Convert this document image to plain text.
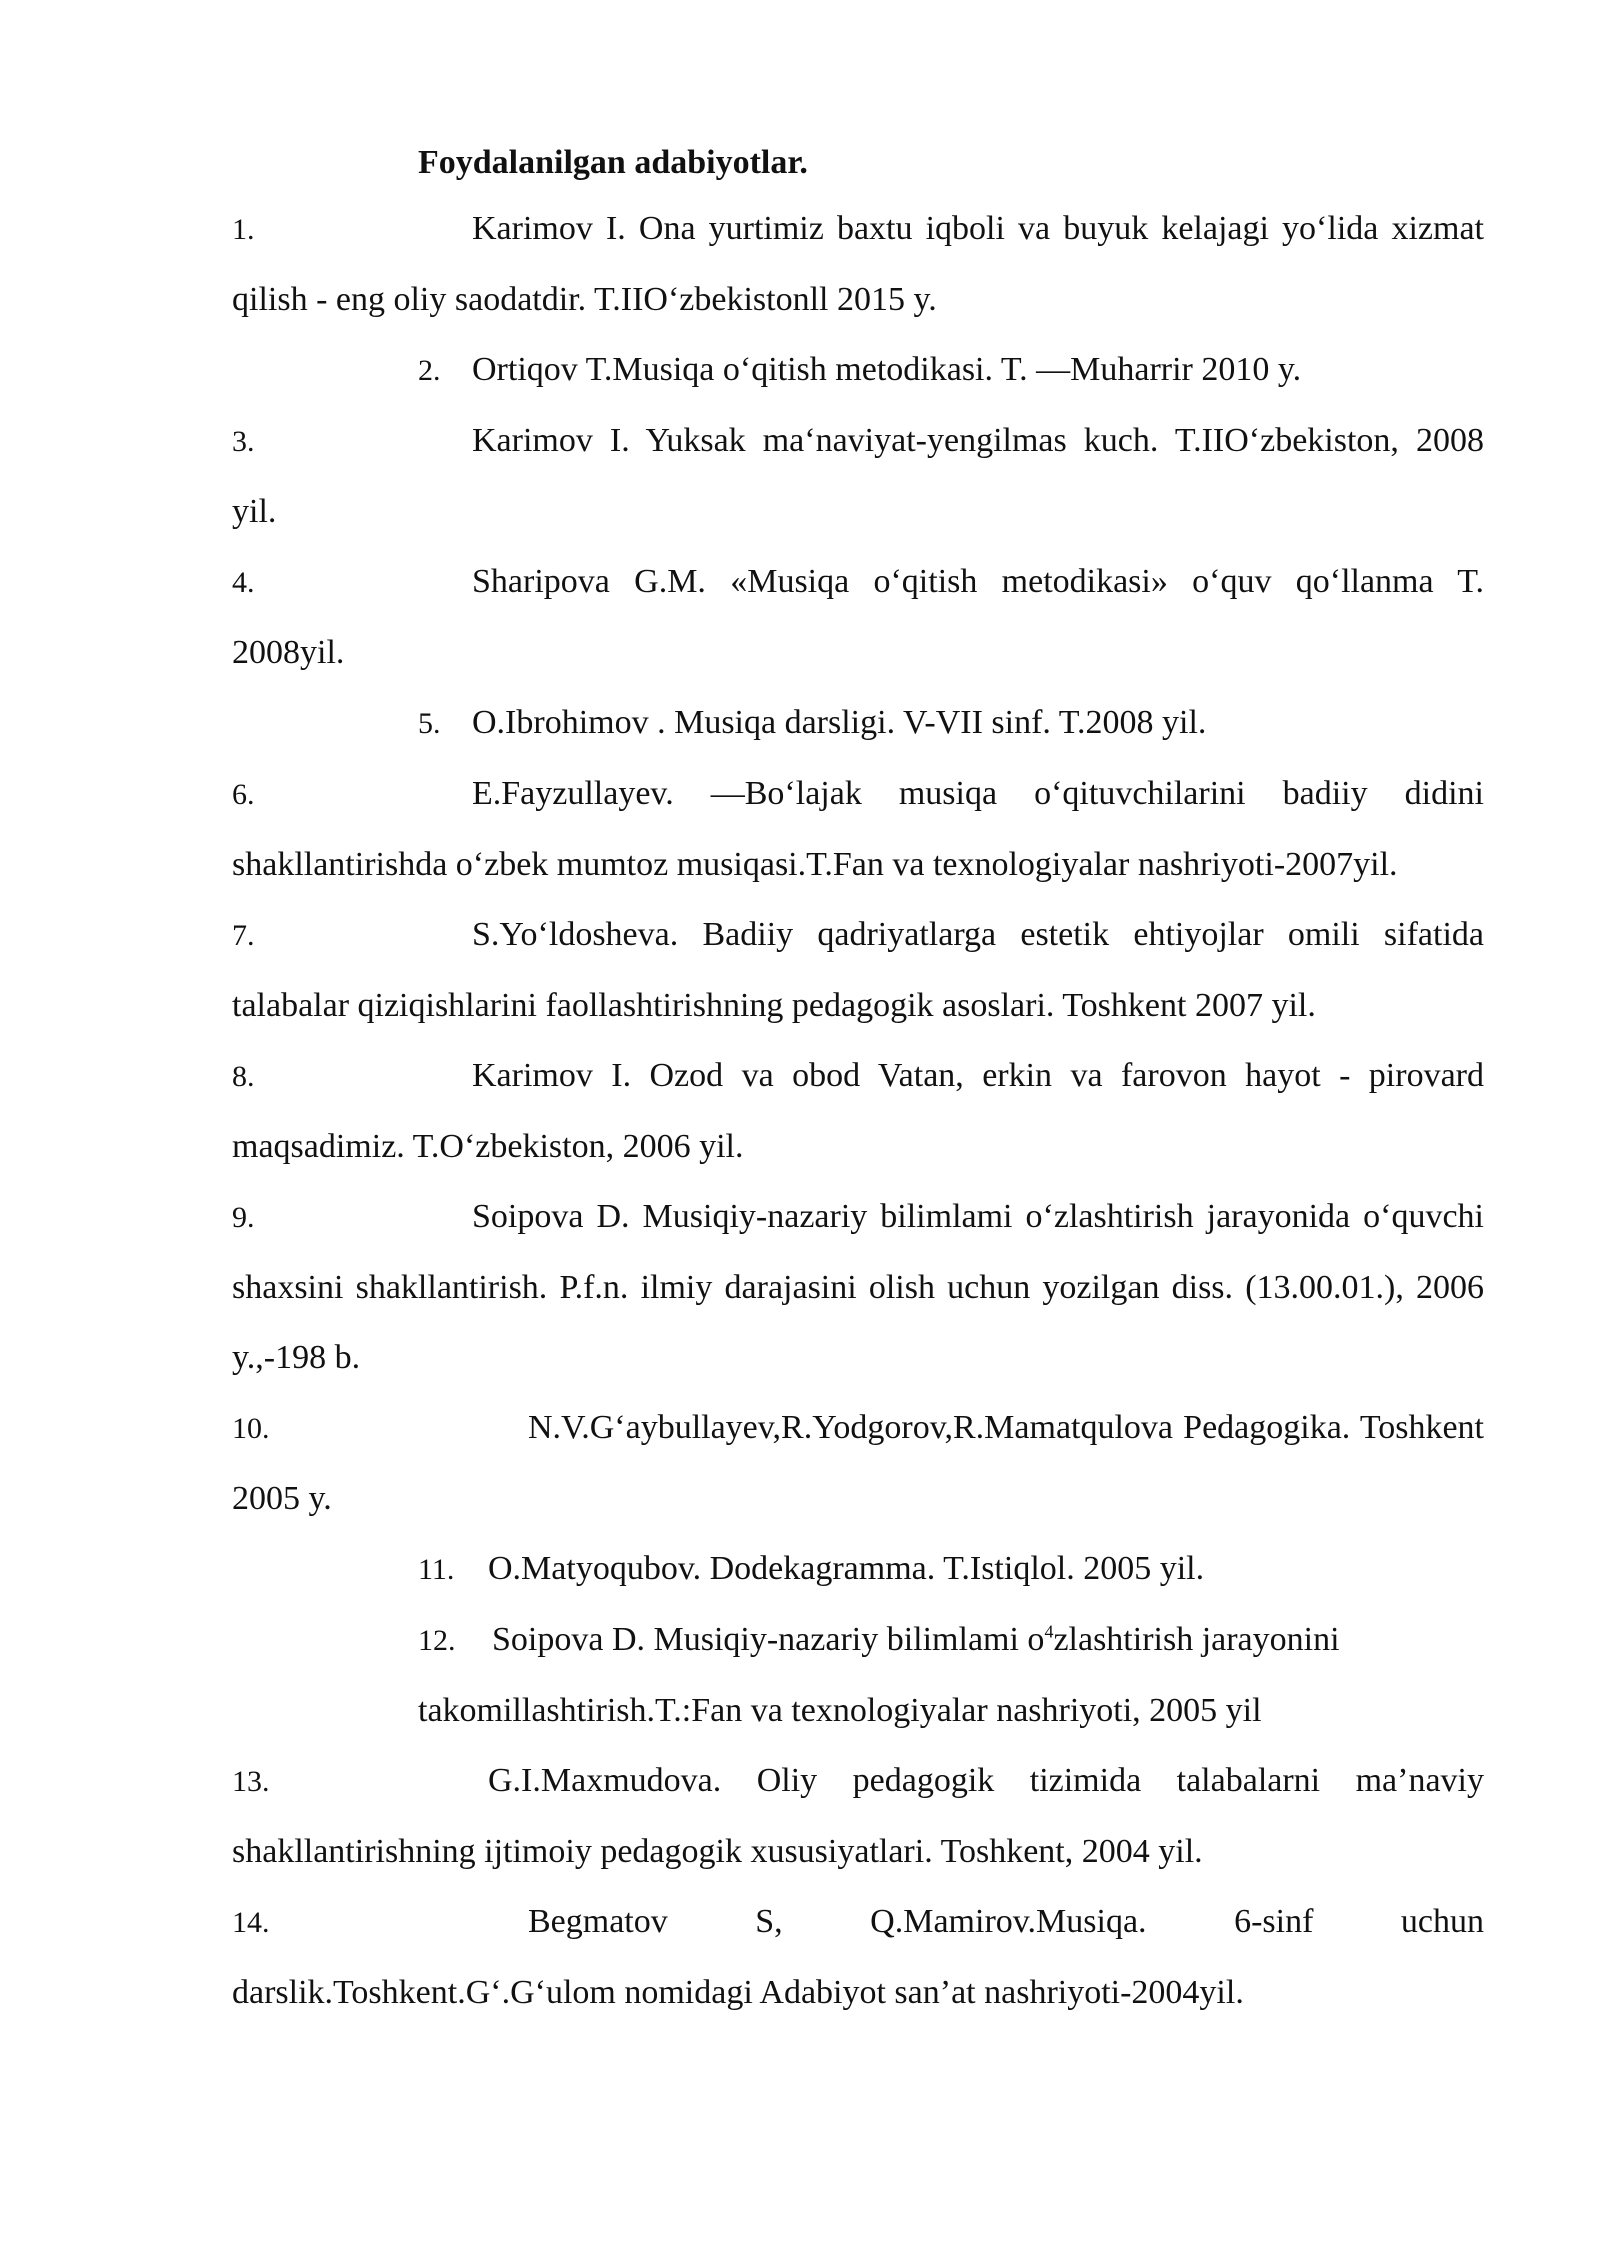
Foydalanilgan adabiyotlar.

1.	Karimov I. Ona yurtimiz baxtu iqboli va buyuk kelajagi yo‘lida xizmat qilish - eng oliy saodatdir. T.IIO‘zbekistonll 2015 y.

2. Ortiqov T.Musiqa o‘qitish metodikasi. T. —Muharrir 2010 y.

3.	Karimov I. Yuksak ma‘naviyat-yengilmas kuch. T.IIO‘zbekiston, 2008 yil.

4.	Sharipova G.M. «Musiqa o‘qitish metodikasi» o‘quv qo‘llanma T. 2008yil.

5. O.Ibrohimov . Musiqa darsligi. V-VII sinf. T.2008 yil.

6.	E.Fayzullayev. —Bo‘lajak musiqa o‘qituvchilarini badiiy didini shakllantirishda o‘zbek mumtoz musiqasi.T.Fan va texnologiyalar nashriyoti-2007yil.

7.	S.Yo‘ldosheva. Badiiy qadriyatlarga estetik ehtiyojlar omili sifatida talabalar qiziqishlarini faollashtirishning pedagogik asoslari. Toshkent 2007 yil.

8.	Karimov I. Ozod va obod Vatan, erkin va farovon hayot - pirovard maqsadimiz. T.O‘zbekiston, 2006 yil.

9.	Soipova D. Musiqiy-nazariy bilimlami o‘zlashtirish jarayonida o‘quvchi shaxsini shakllantirish. P.f.n. ilmiy darajasini olish uchun yozilgan diss. (13.00.01.), 2006 y.,-198 b.

10.	N.V.G‘aybullayev,R.Yodgorov,R.Mamatqulova Pedagogika. Toshkent 2005 y.

11. O.Matyoqubov. Dodekagramma. T.Istiqlol. 2005 yil.

12. Soipova D. Musiqiy-nazariy bilimlami $o^4zlashtirish$ jarayonini
takomillashtirish.T.:Fan va texnologiyalar nashriyoti, 2005 yil

13.	G.I.Maxmudova. Oliy pedagogik tizimida talabalarni ma’naviy shakllantirishning ijtimoiy pedagogik xususiyatlari. Toshkent, 2004 yil.

14.	Begmatov S, Q.Mamirov.Musiqa. 6-sinf uchun darslik.Toshkent.G‘.G‘ulom nomidagi Adabiyot san’at nashriyoti-2004yil.
